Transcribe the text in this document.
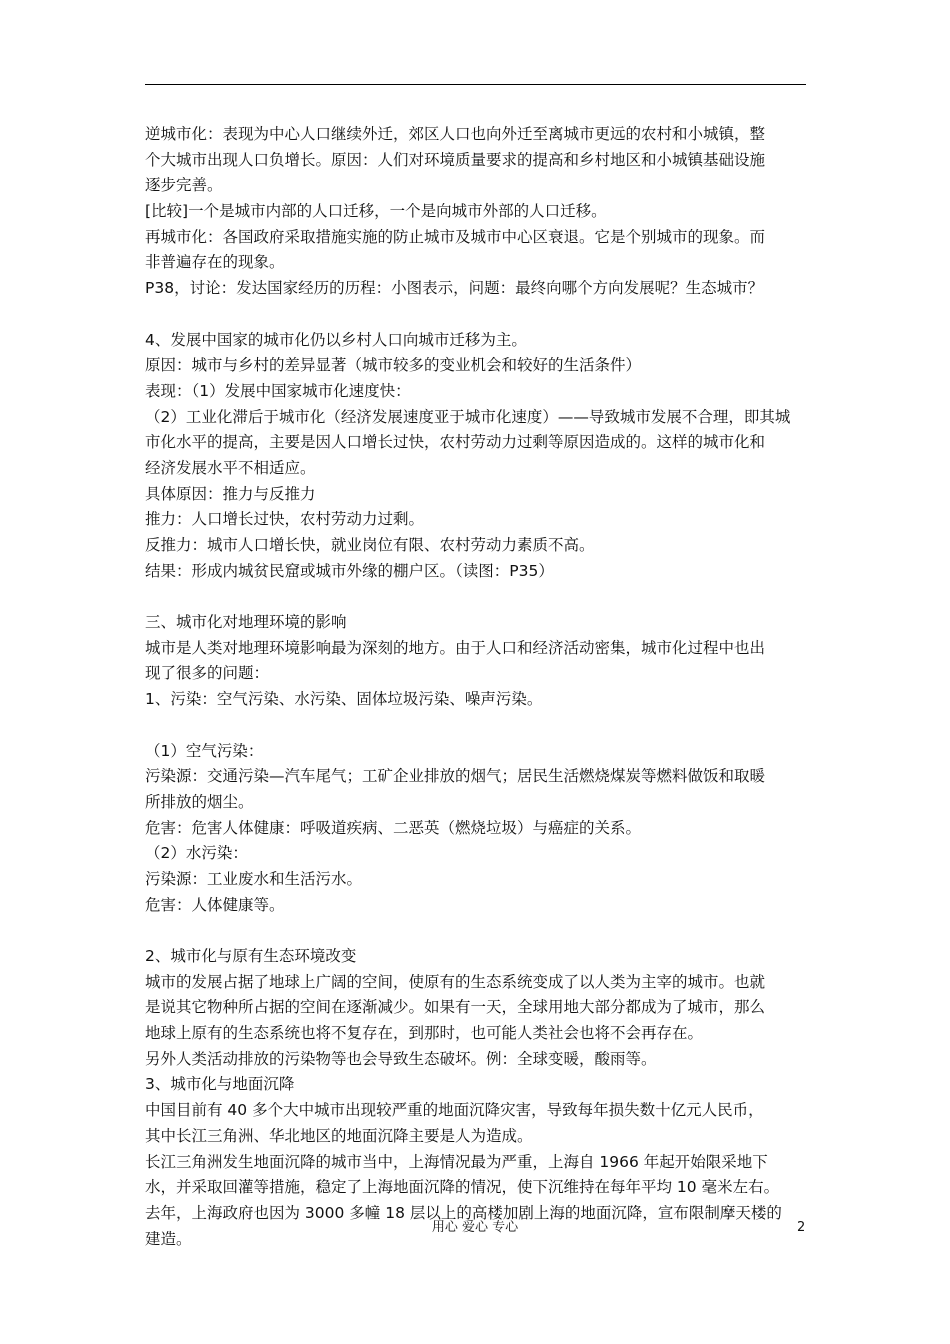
逆城市化：表现为中心人口继续外迁，郊区人口也向外迁至离城市更远的农村和小城镇，整
个大城市出现人口负增长。原因：人们对环境质量要求的提高和乡村地区和小城镇基础设施
逐步完善。
[比较]一个是城市内部的人口迁移，一个是向城市外部的人口迁移。
再城市化：各国政府采取措施实施的防止城市及城市中心区衰退。它是个别城市的现象。而
非普遍存在的现象。
P38，讨论：发达国家经历的历程：小图表示，问题：最终向哪个方向发展呢？生态城市？
4、发展中国家的城市化仍以乡村人口向城市迁移为主。
原因：城市与乡村的差异显著（城市较多的变业机会和较好的生活条件）
表现：（1）发展中国家城市化速度快：
（2）工业化滞后于城市化（经济发展速度亚于城市化速度）——导致城市发展不合理，即其城
市化水平的提高，主要是因人口增长过快，农村劳动力过剩等原因造成的。这样的城市化和
经济发展水平不相适应。
具体原因：推力与反推力
推力：人口增长过快，农村劳动力过剩。
反推力：城市人口增长快，就业岗位有限、农村劳动力素质不高。
结果：形成内城贫民窟或城市外缘的棚户区。（读图：P35）
三、城市化对地理环境的影响
城市是人类对地理环境影响最为深刻的地方。由于人口和经济活动密集，城市化过程中也出
现了很多的问题：
1、污染：空气污染、水污染、固体垃圾污染、噪声污染。
（1）空气污染：
污染源：交通污染—汽车尾气；工矿企业排放的烟气；居民生活燃烧煤炭等燃料做饭和取暖
所排放的烟尘。
危害：危害人体健康：呼吸道疾病、二恶英（燃烧垃圾）与癌症的关系。
（2）水污染：
污染源：工业废水和生活污水。
危害：人体健康等。
2、城市化与原有生态环境改变
城市的发展占据了地球上广阔的空间，使原有的生态系统变成了以人类为主宰的城市。也就
是说其它物种所占据的空间在逐渐减少。如果有一天，全球用地大部分都成为了城市，那么
地球上原有的生态系统也将不复存在，到那时，也可能人类社会也将不会再存在。
另外人类活动排放的污染物等也会导致生态破坏。例：全球变暖，酸雨等。
3、城市化与地面沉降
中国目前有 40 多个大中城市出现较严重的地面沉降灾害，导致每年损失数十亿元人民币，
其中长江三角洲、华北地区的地面沉降主要是人为造成。
长江三角洲发生地面沉降的城市当中，上海情况最为严重，上海自 1966 年起开始限采地下
水，并采取回灌等措施，稳定了上海地面沉降的情况，使下沉维持在每年平均 10 毫米左右。
去年，上海政府也因为 3000 多幢 18 层以上的高楼加剧上海的地面沉降，宣布限制摩天楼的
建造。
用心 爱心 专心	2
